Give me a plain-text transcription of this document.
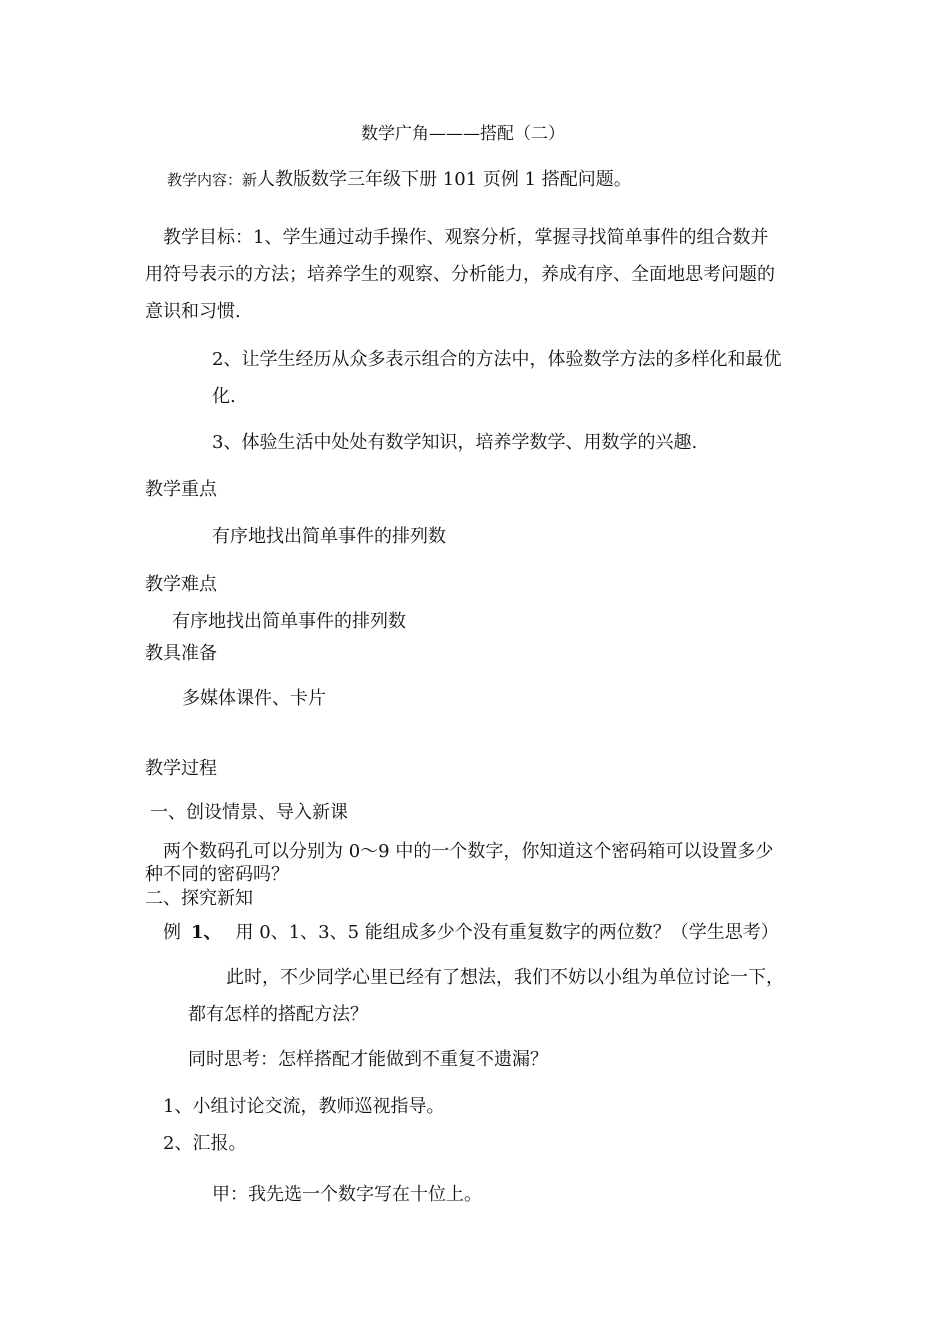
数学广角———搭配（二）

教学内容：新人教版数学三年级下册 101 页例 1 搭配问题。

教学目标：1、学生通过动手操作、观察分析，掌握寻找简单事件的组合数并

用符号表示的方法；培养学生的观察、分析能力，养成有序、全面地思考问题的

意识和习惯.

2、让学生经历从众多表示组合的方法中，体验数学方法的多样化和最优

化.

3、体验生活中处处有数学知识，培养学数学、用数学的兴趣.

教学重点

有序地找出简单事件的排列数

教学难点

有序地找出简单事件的排列数

教具准备

多媒体课件、卡片

教学过程

一、创设情景、导入新课

两个数码孔可以分别为 0～9 中的一个数字，你知道这个密码箱可以设置多少

种不同的密码吗？

二、探究新知

例 1、 用 0、1、3、5 能组成多少个没有重复数字的两位数？（学生思考）

此时，不少同学心里已经有了想法，我们不妨以小组为单位讨论一下，

都有怎样的搭配方法？

同时思考：怎样搭配才能做到不重复不遗漏？

1、小组讨论交流，教师巡视指导。

2、汇报。

甲：我先选一个数字写在十位上。
